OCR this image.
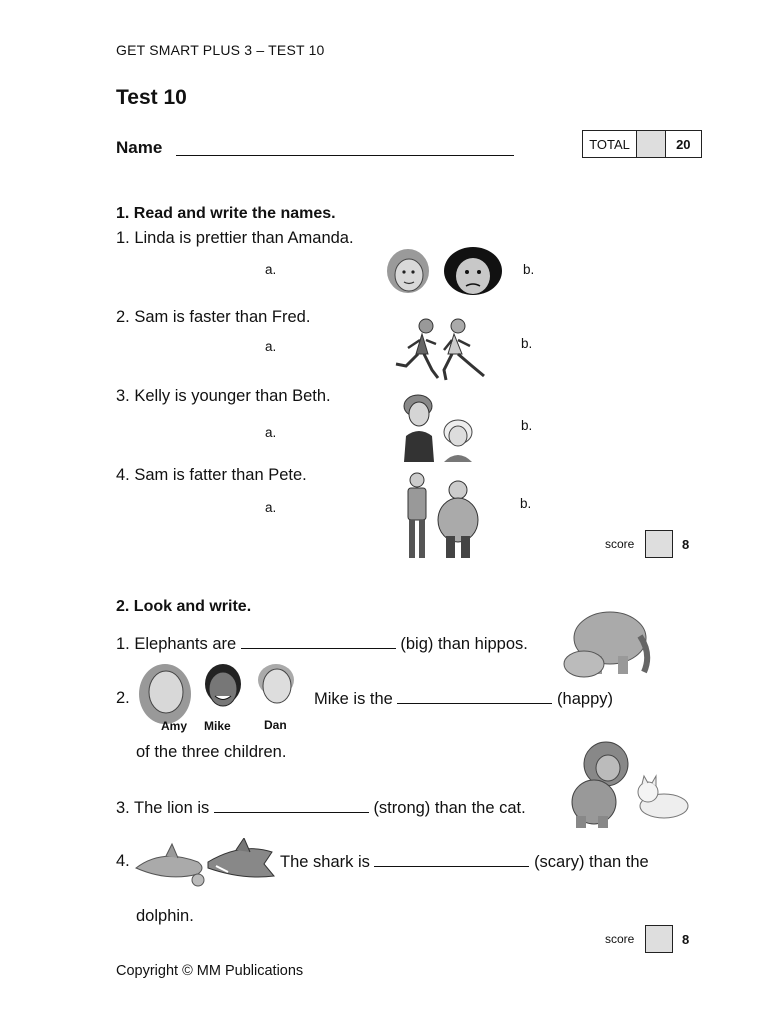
GET SMART PLUS 3 – TEST 10
Test 10
Name	TOTAL	20
1. Read and write the names.
1. Linda is prettier than Amanda.
a.	b.
2. Sam is faster than Fred.
a.	b.
3. Kelly is younger than Beth.
a.	b.
4. Sam is fatter than Pete.
a.	b.
score	8
2. Look and write.
1. Elephants are	(big) than hippos.
2.
Amy Mike	Dan
Mike is the	(happy)
of the three children.
3. The lion is	(strong) than the cat.
4.	The shark is	(scary) than the
dolphin.
score	8
Copyright © MM Publications
